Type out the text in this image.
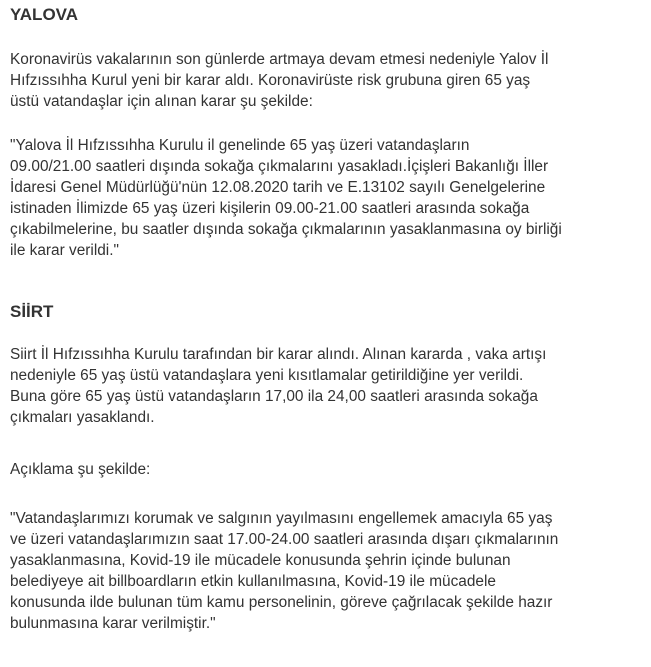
YALOVA

Koronavirüs vakalarının son günlerde artmaya devam etmesi nedeniyle Yalov İl
Hıfzıssıhha Kurul yeni bir karar aldı. Koronavirüste risk grubuna giren 65 yaş
üstü vatandaşlar için alınan karar şu şekilde:

"Yalova İl Hıfzıssıhha Kurulu il genelinde 65 yaş üzeri vatandaşların
09.00/21.00 saatleri dışında sokağa çıkmalarını yasakladı.İçişleri Bakanlığı İller
İdaresi Genel Müdürlüğü'nün 12.08.2020 tarih ve E.13102 sayılı Genelgelerine
istinaden İlimizde 65 yaş üzeri kişilerin 09.00-21.00 saatleri arasında sokağa
çıkabilmelerine, bu saatler dışında sokağa çıkmalarının yasaklanmasına oy birliği
ile karar verildi."

SİİRT

Siirt İl Hıfzıssıhha Kurulu tarafından bir karar alındı. Alınan kararda , vaka artışı
nedeniyle 65 yaş üstü vatandaşlara yeni kısıtlamalar getirildiğine yer verildi.
Buna göre 65 yaş üstü vatandaşların 17,00 ila 24,00 saatleri arasında sokağa
çıkmaları yasaklandı.

Açıklama şu şekilde:

"Vatandaşlarımızı korumak ve salgının yayılmasını engellemek amacıyla 65 yaş
ve üzeri vatandaşlarımızın saat 17.00-24.00 saatleri arasında dışarı çıkmalarının
yasaklanmasına, Kovid-19 ile mücadele konusunda şehrin içinde bulunan
belediyeye ait billboardların etkin kullanılmasına, Kovid-19 ile mücadele
konusunda ilde bulunan tüm kamu personelinin, göreve çağrılacak şekilde hazır
bulunmasına karar verilmiştir."
